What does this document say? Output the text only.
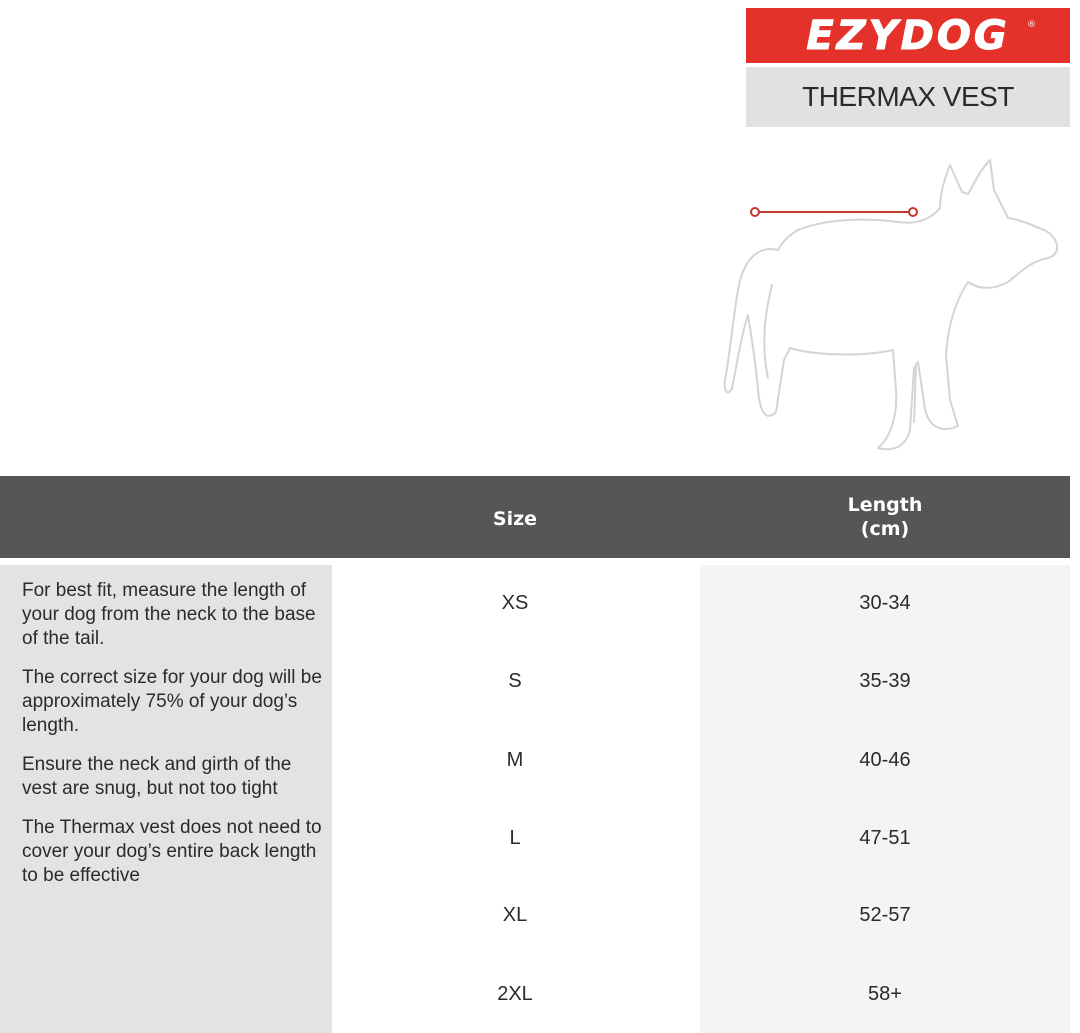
EZYDOG ®
THERMAX VEST
Size
Length
(cm)

For best fit, measure the length of your dog from the neck to the base of the tail.

The correct size for your dog will be approximately 75% of your dog’s length.

Ensure the neck and girth of the vest are snug, but not too tight

The Thermax vest does not need to cover your dog’s entire back length to be effective

XS	30-34
S	35-39
M	40-46
L	47-51
XL	52-57
2XL	58+
